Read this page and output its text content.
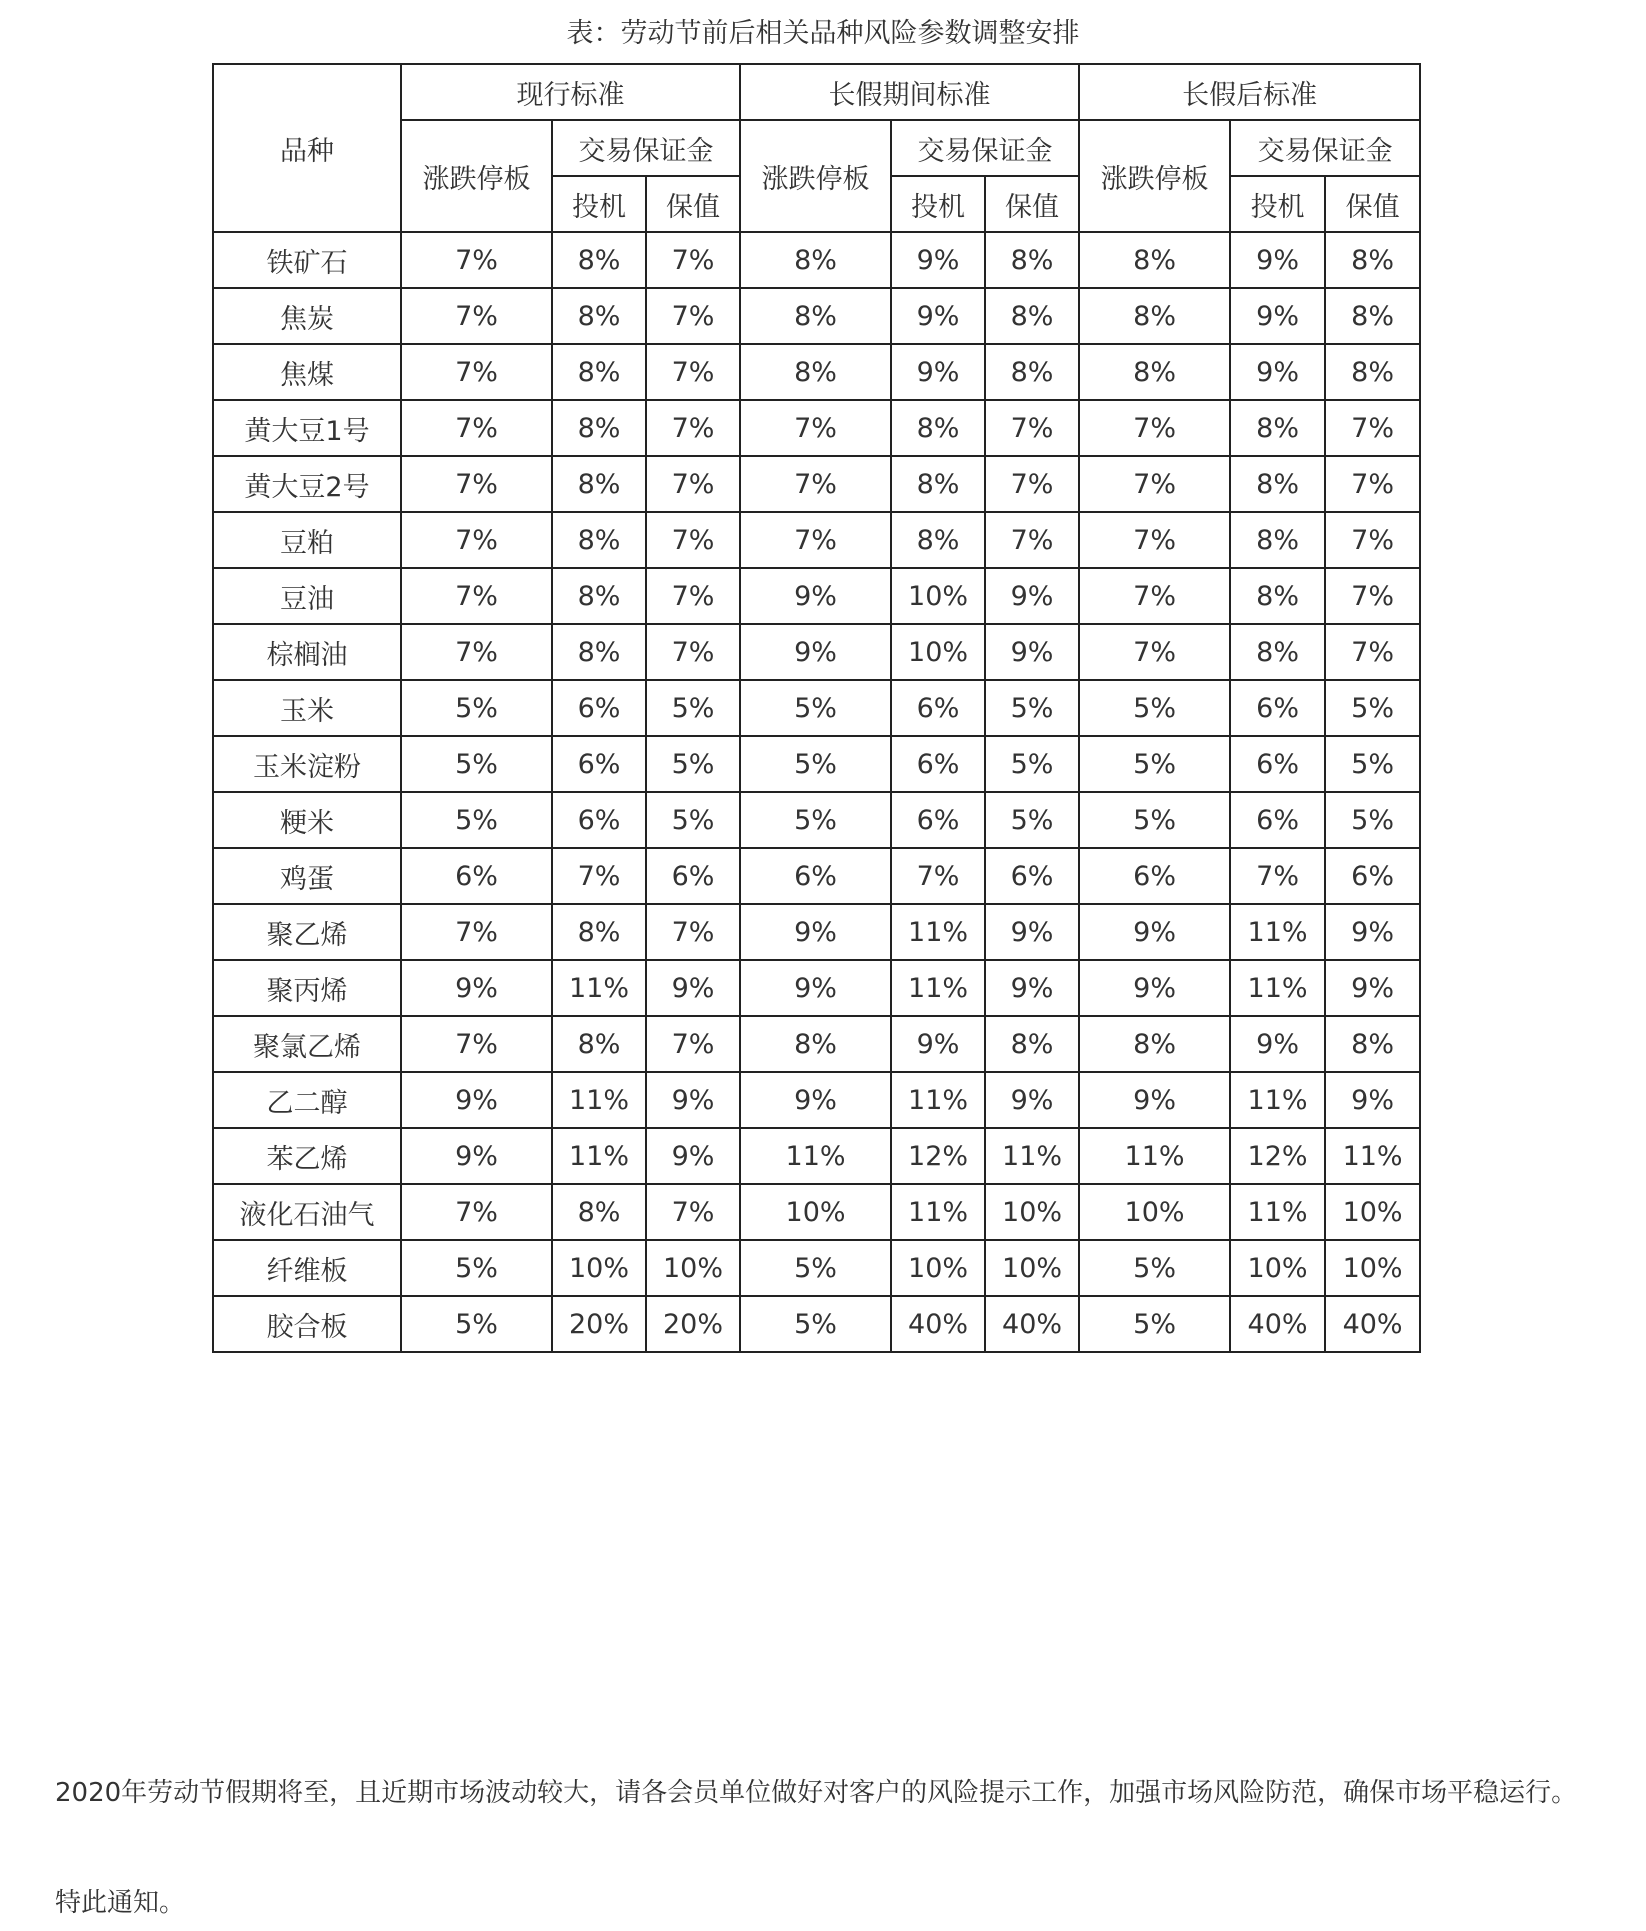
表：劳动节前后相关品种风险参数调整安排
品种	现行标准			长假期间标准			长假后标准		
	涨跌停板	交易保证金		涨跌停板	交易保证金		涨跌停板	交易保证金	
		投机	保值		投机	保值		投机	保值
铁矿石	7%	8%	7%	8%	9%	8%	8%	9%	8%
焦炭	7%	8%	7%	8%	9%	8%	8%	9%	8%
焦煤	7%	8%	7%	8%	9%	8%	8%	9%	8%
黄大豆1号	7%	8%	7%	7%	8%	7%	7%	8%	7%
黄大豆2号	7%	8%	7%	7%	8%	7%	7%	8%	7%
豆粕	7%	8%	7%	7%	8%	7%	7%	8%	7%
豆油	7%	8%	7%	9%	10%	9%	7%	8%	7%
棕榈油	7%	8%	7%	9%	10%	9%	7%	8%	7%
玉米	5%	6%	5%	5%	6%	5%	5%	6%	5%
玉米淀粉	5%	6%	5%	5%	6%	5%	5%	6%	5%
粳米	5%	6%	5%	5%	6%	5%	5%	6%	5%
鸡蛋	6%	7%	6%	6%	7%	6%	6%	7%	6%
聚乙烯	7%	8%	7%	9%	11%	9%	9%	11%	9%
聚丙烯	9%	11%	9%	9%	11%	9%	9%	11%	9%
聚氯乙烯	7%	8%	7%	8%	9%	8%	8%	9%	8%
乙二醇	9%	11%	9%	9%	11%	9%	9%	11%	9%
苯乙烯	9%	11%	9%	11%	12%	11%	11%	12%	11%
液化石油气	7%	8%	7%	10%	11%	10%	10%	11%	10%
纤维板	5%	10%	10%	5%	10%	10%	5%	10%	10%
胶合板	5%	20%	20%	5%	40%	40%	5%	40%	40%

2020年劳动节假期将至，且近期市场波动较大，请各会员单位做好对客户的风险提示工作，加强市场风险防范，确保市场平稳运行。

特此通知。
